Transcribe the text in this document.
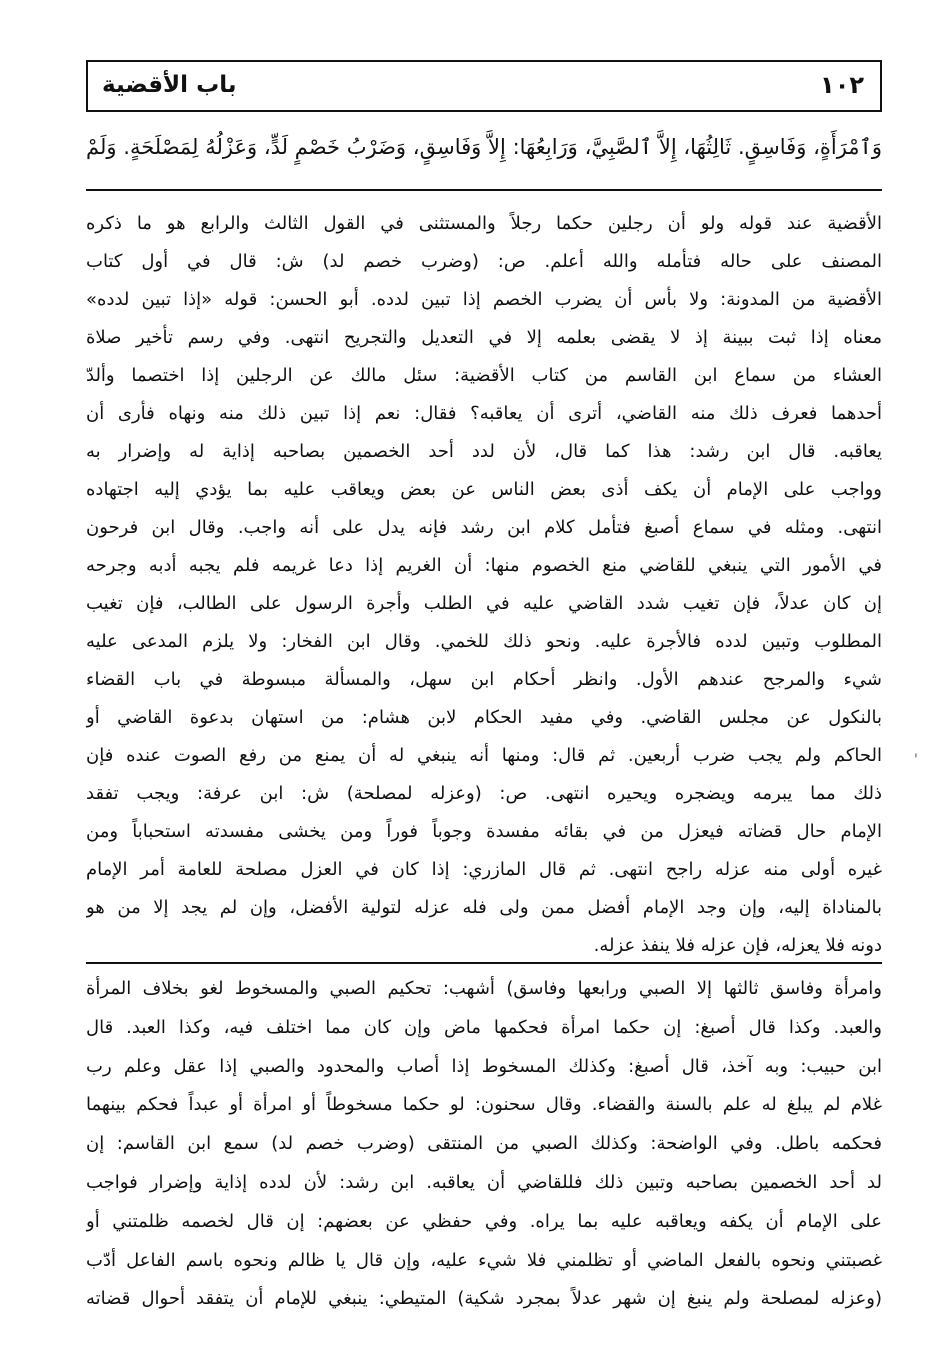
باب الأقضية	١٠٢
وَٱمْرَأَةٍ، وَفَاسِقٍ. ثَالِثُهَا، إِلاَّ ٱلصَّبِيَّ، وَرَابِعُهَا: إِلاَّ وَفَاسِقٍ، وَضَرْبُ خَصْمٍ لَدٍّ، وَعَزْلُهُ لِمَصْلَحَةٍ. وَلَمْ
الأقضية عند قوله ولو أن رجلين حكما رجلاً والمستثنى في القول الثالث والرابع هو ما ذكره
المصنف على حاله فتأمله والله أعلم. ص: (وضرب خصم لد) ش: قال في أول كتاب
الأقضية من المدونة: ولا بأس أن يضرب الخصم إذا تبين لدده. أبو الحسن: قوله «إذا تبين لدده»
معناه إذا ثبت ببينة إذ لا يقضى بعلمه إلا في التعديل والتجريح انتهى. وفي رسم تأخير صلاة
العشاء من سماع ابن القاسم من كتاب الأقضية: سئل مالك عن الرجلين إذا اختصما وألدّ
أحدهما فعرف ذلك منه القاضي، أترى أن يعاقبه؟ فقال: نعم إذا تبين ذلك منه ونهاه فأرى أن
يعاقبه. قال ابن رشد: هذا كما قال، لأن لدد أحد الخصمين بصاحبه إذاية له وإضرار به
وواجب على الإمام أن يكف أذى بعض الناس عن بعض ويعاقب عليه بما يؤدي إليه اجتهاده
انتهى. ومثله في سماع أصبغ فتأمل كلام ابن رشد فإنه يدل على أنه واجب. وقال ابن فرحون
في الأمور التي ينبغي للقاضي منع الخصوم منها: أن الغريم إذا دعا غريمه فلم يجبه أدبه وجرحه
إن كان عدلاً، فإن تغيب شدد القاضي عليه في الطلب وأجرة الرسول على الطالب، فإن تغيب
المطلوب وتبين لدده فالأجرة عليه. ونحو ذلك للخمي. وقال ابن الفخار: ولا يلزم المدعى عليه
شيء والمرجح عندهم الأول. وانظر أحكام ابن سهل، والمسألة مبسوطة في باب القضاء
بالنكول عن مجلس القاضي. وفي مفيد الحكام لابن هشام: من استهان بدعوة القاضي أو
الحاكم ولم يجب ضرب أربعين. ثم قال: ومنها أنه ينبغي له أن يمنع من رفع الصوت عنده فإن
ذلك مما يبرمه ويضجره ويحيره انتهى. ص: (وعزله لمصلحة) ش: ابن عرفة: ويجب تفقد
الإمام حال قضاته فيعزل من في بقائه مفسدة وجوباً فوراً ومن يخشى مفسدته استحباباً ومن
غيره أولى منه عزله راجح انتهى. ثم قال المازري: إذا كان في العزل مصلحة للعامة أمر الإمام
بالمناداة إليه، وإن وجد الإمام أفضل ممن ولى فله عزله لتولية الأفضل، وإن لم يجد إلا من هو
دونه فلا يعزله، فإن عزله فلا ينفذ عزله.
وامرأة وفاسق ثالثها إلا الصبي ورابعها وفاسق) أشهب: تحكيم الصبي والمسخوط لغو بخلاف المرأة
والعبد. وكذا قال أصبغ: إن حكما امرأة فحكمها ماض وإن كان مما اختلف فيه، وكذا العبد. قال
ابن حبيب: وبه آخذ، قال أصبغ: وكذلك المسخوط إذا أصاب والمحدود والصبي إذا عقل وعلم رب
غلام لم يبلغ له علم بالسنة والقضاء. وقال سحنون: لو حكما مسخوطاً أو امرأة أو عبداً فحكم بينهما
فحكمه باطل. وفي الواضحة: وكذلك الصبي من المنتقى (وضرب خصم لد) سمع ابن القاسم: إن
لد أحد الخصمين بصاحبه وتبين ذلك فللقاضي أن يعاقبه. ابن رشد: لأن لدده إذاية وإضرار فواجب
على الإمام أن يكفه ويعاقبه عليه بما يراه. وفي حفظي عن بعضهم: إن قال لخصمه ظلمتني أو
غصبتني ونحوه بالفعل الماضي أو تظلمني فلا شيء عليه، وإن قال يا ظالم ونحوه باسم الفاعل أدّب
(وعزله لمصلحة ولم ينبغ إن شهر عدلاً بمجرد شكية) المتيطي: ينبغي للإمام أن يتفقد أحوال قضاته
'
